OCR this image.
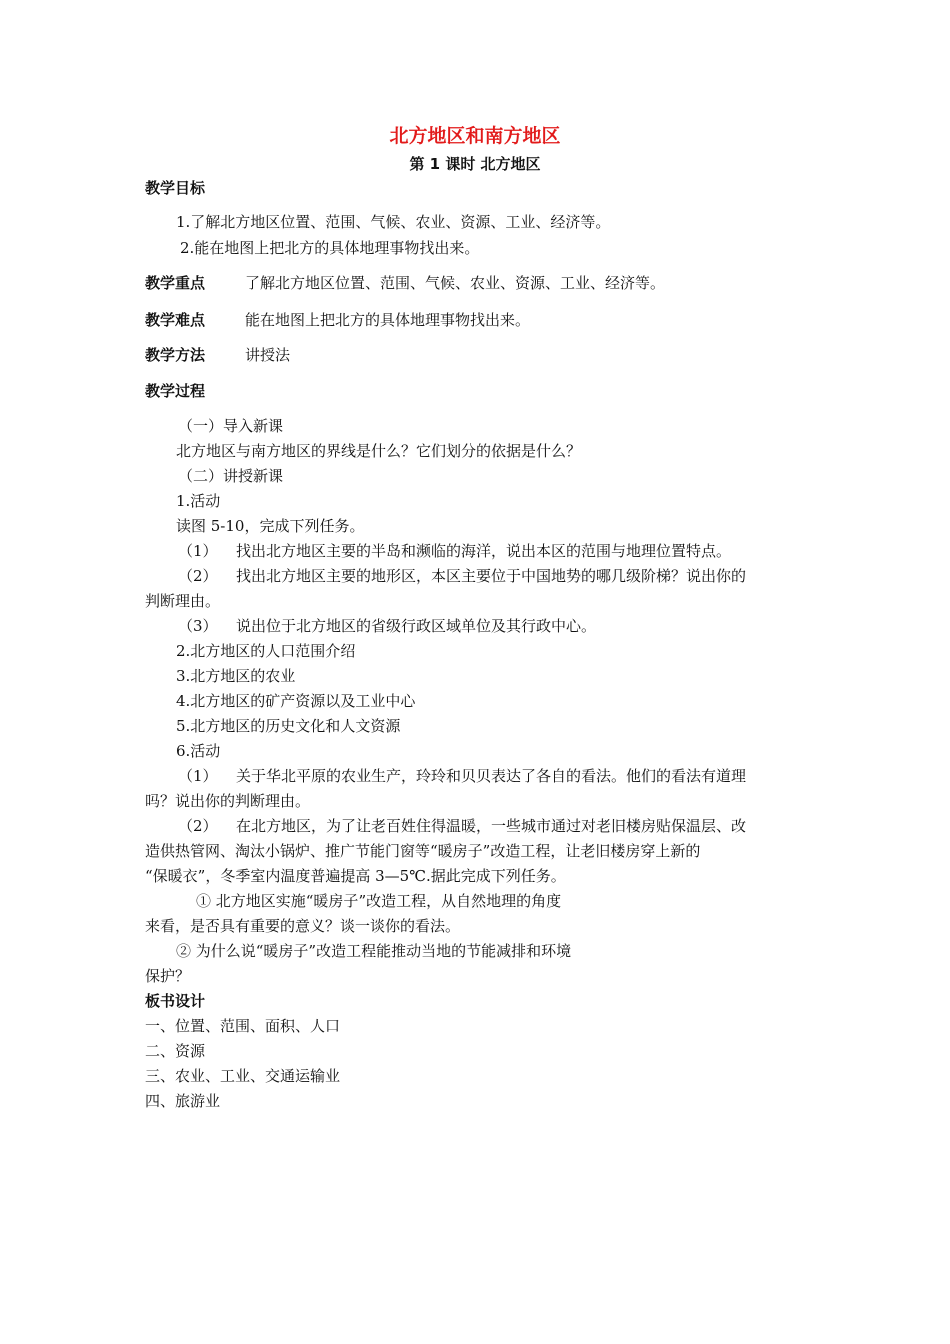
北方地区和南方地区
第 1 课时 北方地区
教学目标
1.了解北方地区位置、范围、气候、农业、资源、工业、经济等。
2.能在地图上把北方的具体地理事物找出来。
教学重点	了解北方地区位置、范围、气候、农业、资源、工业、经济等。
教学难点	能在地图上把北方的具体地理事物找出来。
教学方法	讲授法
教学过程
（一）导入新课
北方地区与南方地区的界线是什么？它们划分的依据是什么？
（二）讲授新课
1.活动
读图 5-10，完成下列任务。
（1） 找出北方地区主要的半岛和濒临的海洋，说出本区的范围与地理位置特点。
（2） 找出北方地区主要的地形区，本区主要位于中国地势的哪几级阶梯？说出你的
判断理由。
（3） 说出位于北方地区的省级行政区域单位及其行政中心。
2.北方地区的人口范围介绍
3.北方地区的农业
4.北方地区的矿产资源以及工业中心
5.北方地区的历史文化和人文资源
6.活动
（1） 关于华北平原的农业生产，玲玲和贝贝表达了各自的看法。他们的看法有道理
吗？说出你的判断理由。
（2） 在北方地区，为了让老百姓住得温暖，一些城市通过对老旧楼房贴保温层、改
造供热管网、淘汰小锅炉、推广节能门窗等“暖房子”改造工程，让老旧楼房穿上新的
“保暖衣”，冬季室内温度普遍提高 3—5℃.据此完成下列任务。
① 北方地区实施“暖房子”改造工程，从自然地理的角度
来看，是否具有重要的意义？谈一谈你的看法。
② 为什么说“暖房子”改造工程能推动当地的节能减排和环境
保护？
板书设计
一、位置、范围、面积、人口
二、资源
三、农业、工业、交通运输业
四、旅游业
